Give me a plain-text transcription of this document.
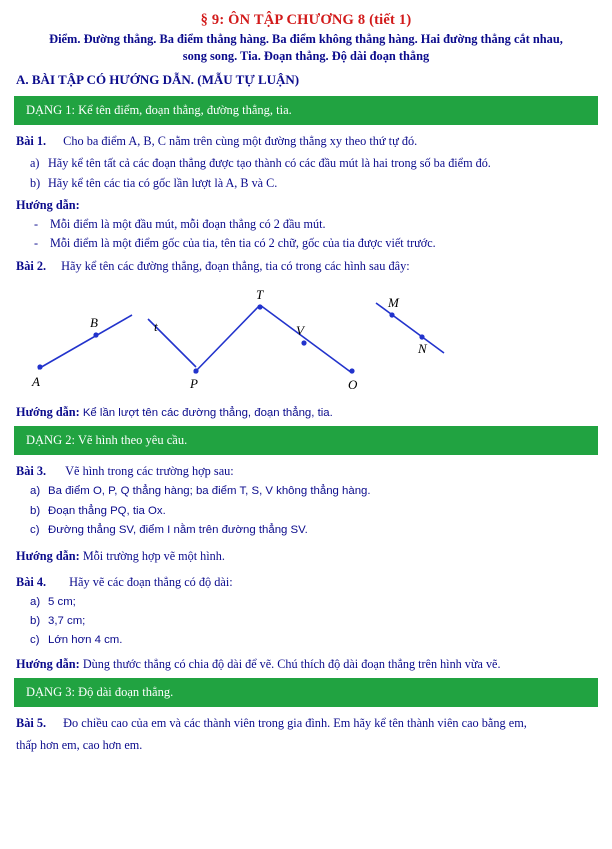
§ 9: ÔN TẬP CHƯƠNG 8 (tiết 1)
Điểm. Đường thẳng. Ba điểm thẳng hàng. Ba điểm không thẳng hàng. Hai đường thẳng cắt nhau,
song song. Tia. Đoạn thẳng. Độ dài đoạn thẳng
A. BÀI TẬP CÓ HƯỚNG DẪN. (MẪU TỰ LUẬN)
DẠNG 1: Kể tên điểm, đoạn thẳng, đường thẳng, tia.
Bài 1. Cho ba điểm A, B, C nằm trên cùng một đường thẳng xy theo thứ tự đó.
a) Hãy kể tên tất cả các đoạn thẳng được tạo thành có các đầu mút là hai trong số ba điểm đó.
b) Hãy kể tên các tia có gốc lần lượt là A, B và C.
Hướng dẫn:
- Mỗi điểm là một đầu mút, mỗi đoạn thẳng có 2 đầu mút.
- Mỗi điểm là một điểm gốc của tia, tên tia có 2 chữ, gốc của tia được viết trước.
Bài 2. Hãy kể tên các đường thẳng, đoạn thẳng, tia có trong các hình sau đây:
A
B	t
P
T
V
M
N
O
Hướng dẫn: Kể lần lượt tên các đường thẳng, đoạn thẳng, tia.
DẠNG 2: Vẽ hình theo yêu cầu.
Bài 3. Vẽ hình trong các trường hợp sau:
a) Ba điểm O, P, Q thẳng hàng; ba điểm T, S, V không thẳng hàng.
b) Đoạn thẳng PQ, tia Ox.
c) Đường thẳng SV, điểm I nằm trên đường thẳng SV.
Hướng dẫn: Mỗi trường hợp vẽ một hình.
Bài 4. Hãy vẽ các đoạn thẳng có độ dài:
a) 5 cm;
b) 3,7 cm;
c) Lớn hơn 4 cm.
Hướng dẫn: Dùng thước thẳng có chia độ dài để vẽ. Chú thích độ dài đoạn thẳng trên hình vừa vẽ.
DẠNG 3: Độ dài đoạn thẳng.
Bài 5. Đo chiều cao của em và các thành viên trong gia đình. Em hãy kể tên thành viên cao bằng em,
thấp hơn em, cao hơn em.
